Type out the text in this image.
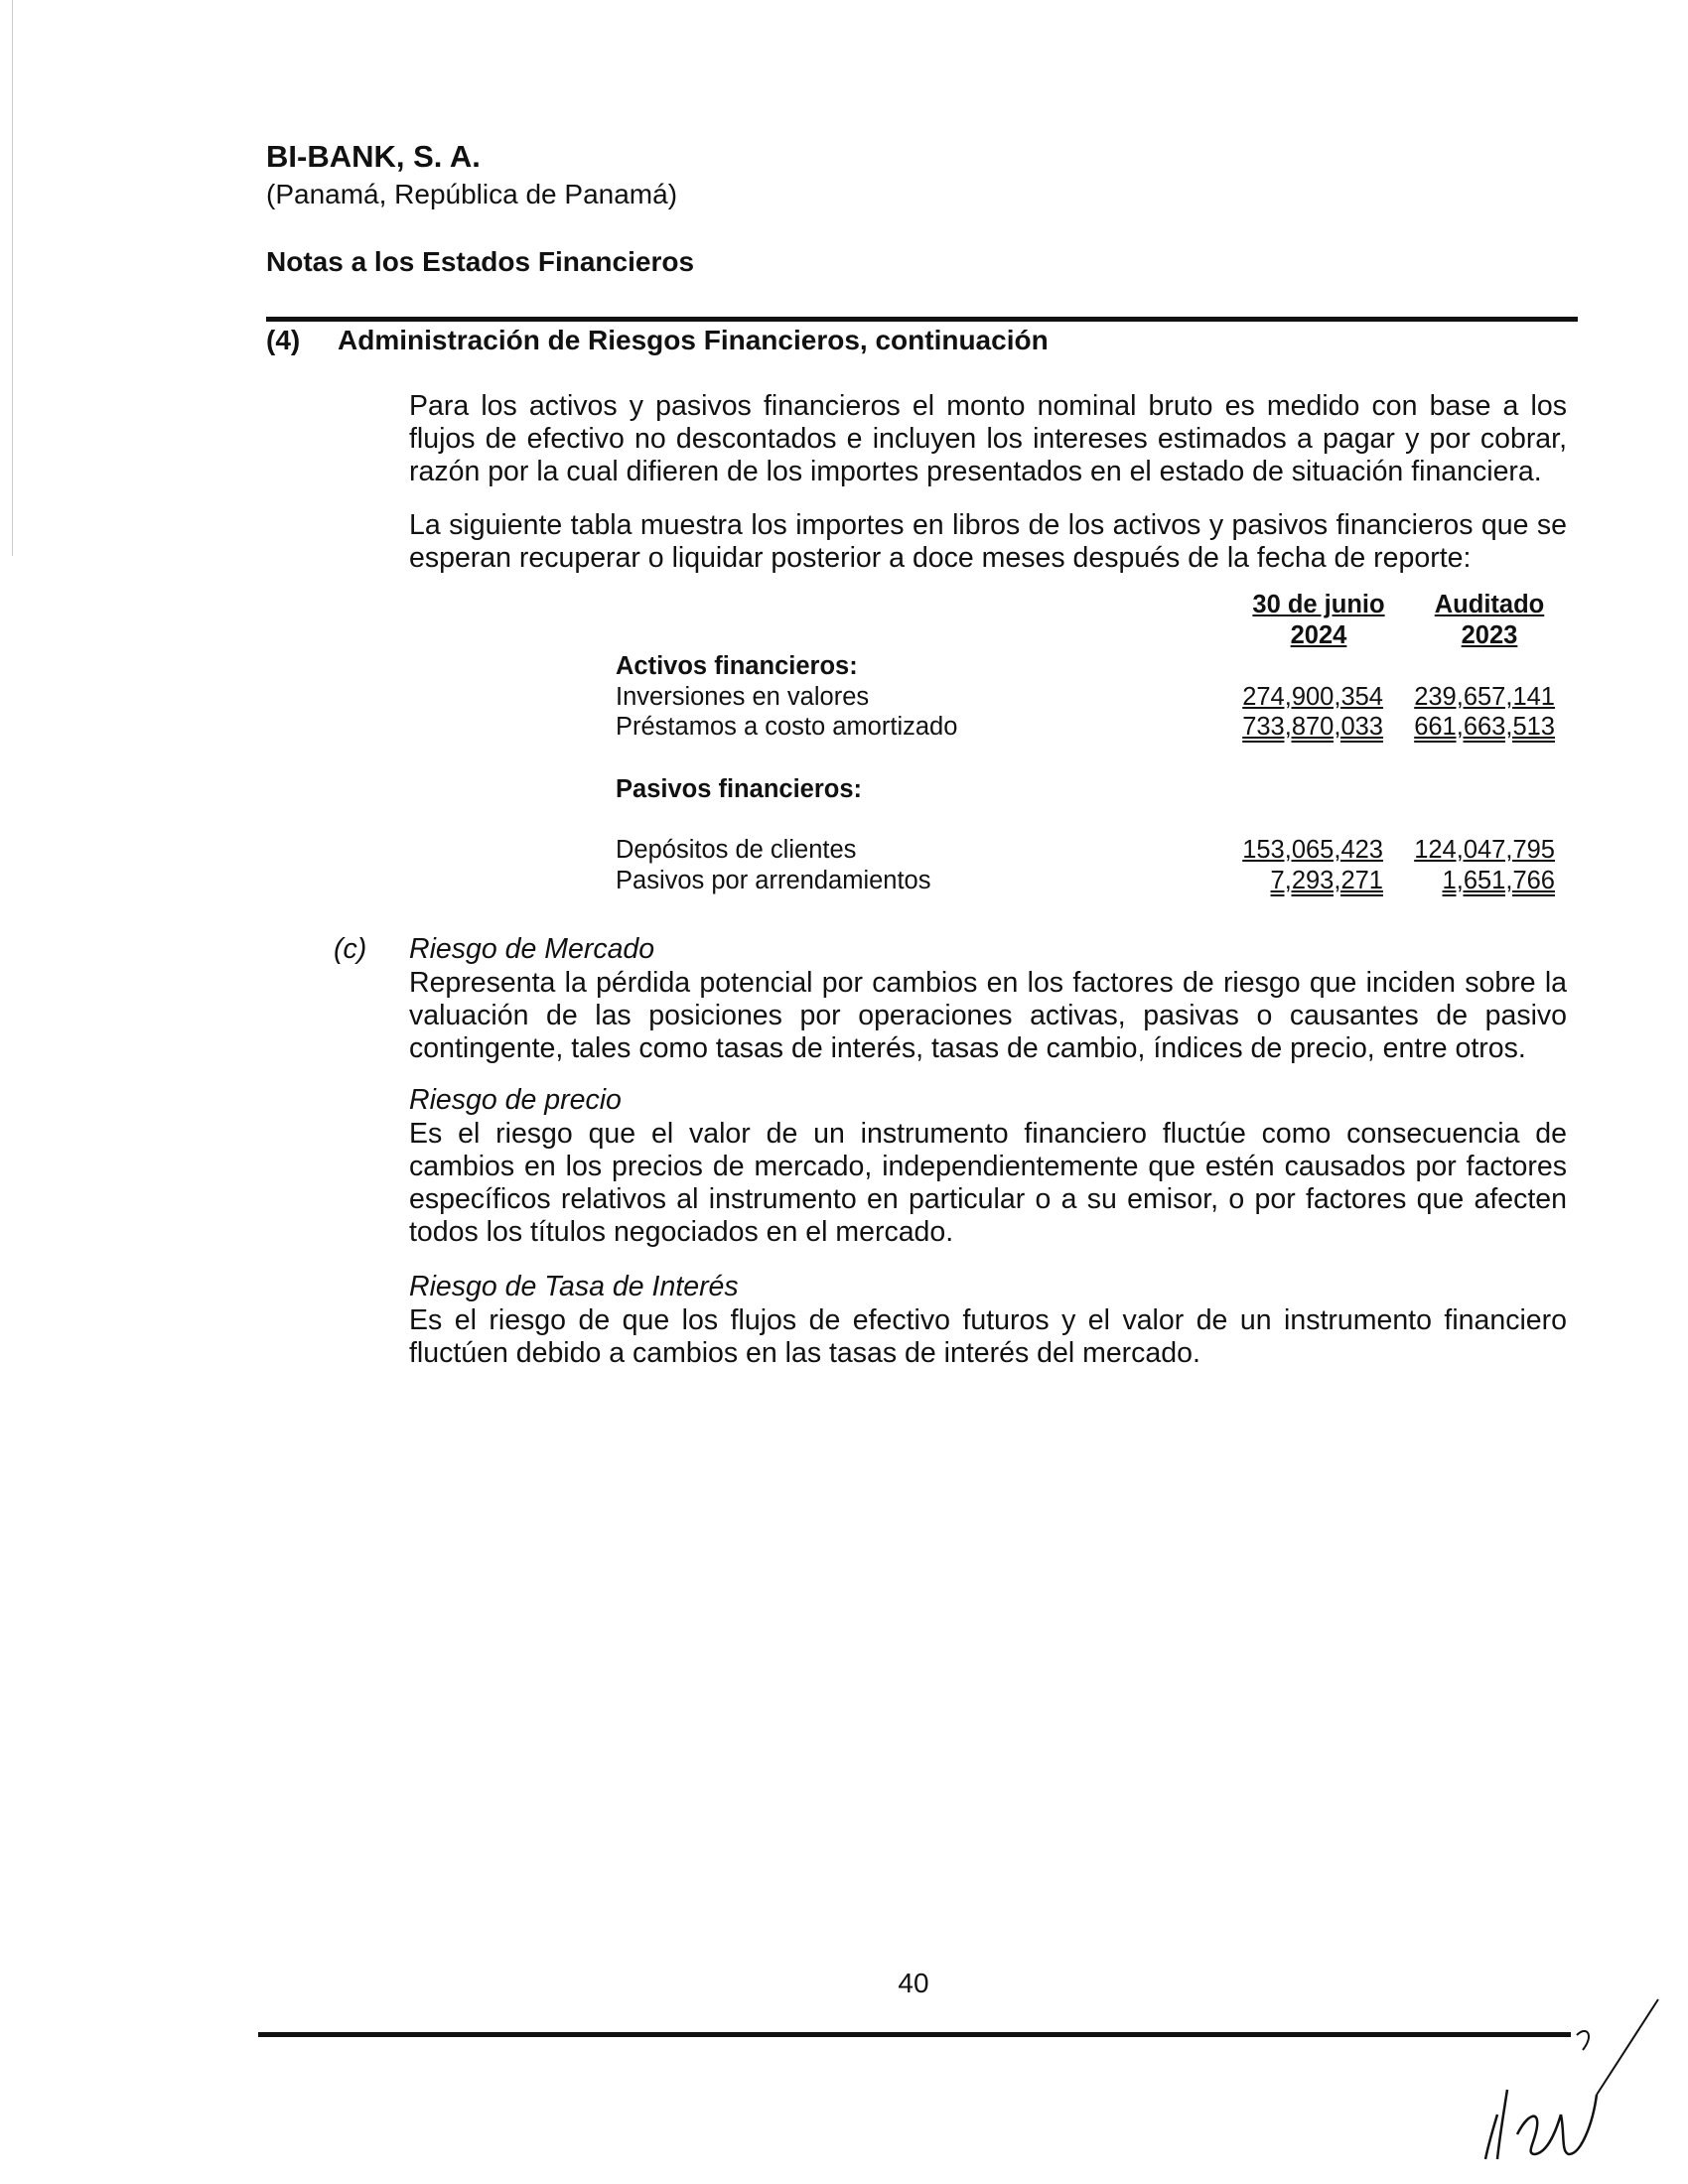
BI-BANK, S. A.
(Panamá, República de Panamá)
Notas a los Estados Financieros
(4) Administración de Riesgos Financieros, continuación
Para los activos y pasivos financieros el monto nominal bruto es medido con base a los flujos de efectivo no descontados e incluyen los intereses estimados a pagar y por cobrar, razón por la cual difieren de los importes presentados en el estado de situación financiera.
La siguiente tabla muestra los importes en libros de los activos y pasivos financieros que se esperan recuperar o liquidar posterior a doce meses después de la fecha de reporte:
30 de junio
2024
Auditado
2023
Activos financieros:
Inversiones en valores	274,900,354 239,657,141
Préstamos a costo amortizado	733,870,033 661,663,513
Pasivos financieros:
Depósitos de clientes	153,065,423 124,047,795
Pasivos por arrendamientos	7,293,271 1,651,766
(c) Riesgo de Mercado
Representa la pérdida potencial por cambios en los factores de riesgo que inciden sobre la valuación de las posiciones por operaciones activas, pasivas o causantes de pasivo contingente, tales como tasas de interés, tasas de cambio, índices de precio, entre otros.
Riesgo de precio
Es el riesgo que el valor de un instrumento financiero fluctúe como consecuencia de cambios en los precios de mercado, independientemente que estén causados por factores específicos relativos al instrumento en particular o a su emisor, o por factores que afecten todos los títulos negociados en el mercado.
Riesgo de Tasa de Interés
Es el riesgo de que los flujos de efectivo futuros y el valor de un instrumento financiero fluctúen debido a cambios en las tasas de interés del mercado.
40
